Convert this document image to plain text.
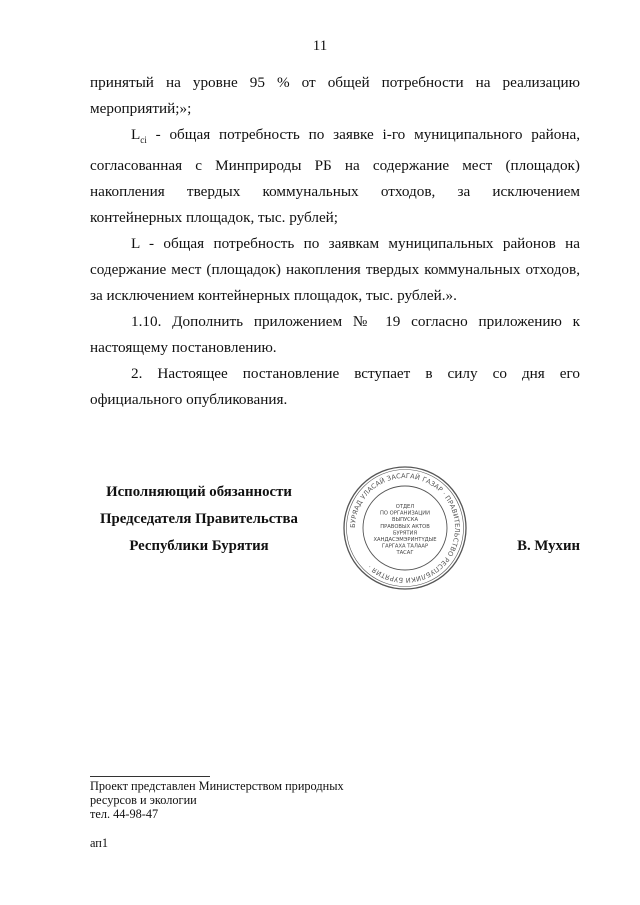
11

принятый на уровне 95 % от общей потребности на реализацию мероприятий;»;

$L_{ci}$ - общая потребность по заявке i-го муниципального района, согласованная с Минприроды РБ на содержание мест (площадок) накопления твердых коммунальных отходов, за исключением контейнерных площадок, тыс. рублей;

L - общая потребность по заявкам муниципальных районов на содержание мест (площадок) накопления твердых коммунальных отходов, за исключением контейнерных площадок, тыс. рублей.».

1.10. Дополнить приложением № 19 согласно приложению к настоящему постановлению.

2. Настоящее постановление вступает в силу со дня его официального опубликования.

Исполняющий обязанности
Председателя Правительства
Республики Бурятия	В. Мухин
БУРЯАД УЛАСАЙ ЗАСАГАЙ ГАЗАР · ПРАВИТЕЛЬСТВО РЕСПУБЛИКИ БУРЯТИЯ ·
ОТДЕЛ
ПО ОРГАНИЗАЦИИ
ВЫПУСКА
ПРАВОВЫХ АКТОВ
БУРЯТИЯ
ХАНДАСЭМЭРИНТҮДЫЕ
ГАРГАХА ТАЛААР
ТАСАГ
Проект представлен Министерством природных
ресурсов и экологии
тел. 44-98-47
ап1
